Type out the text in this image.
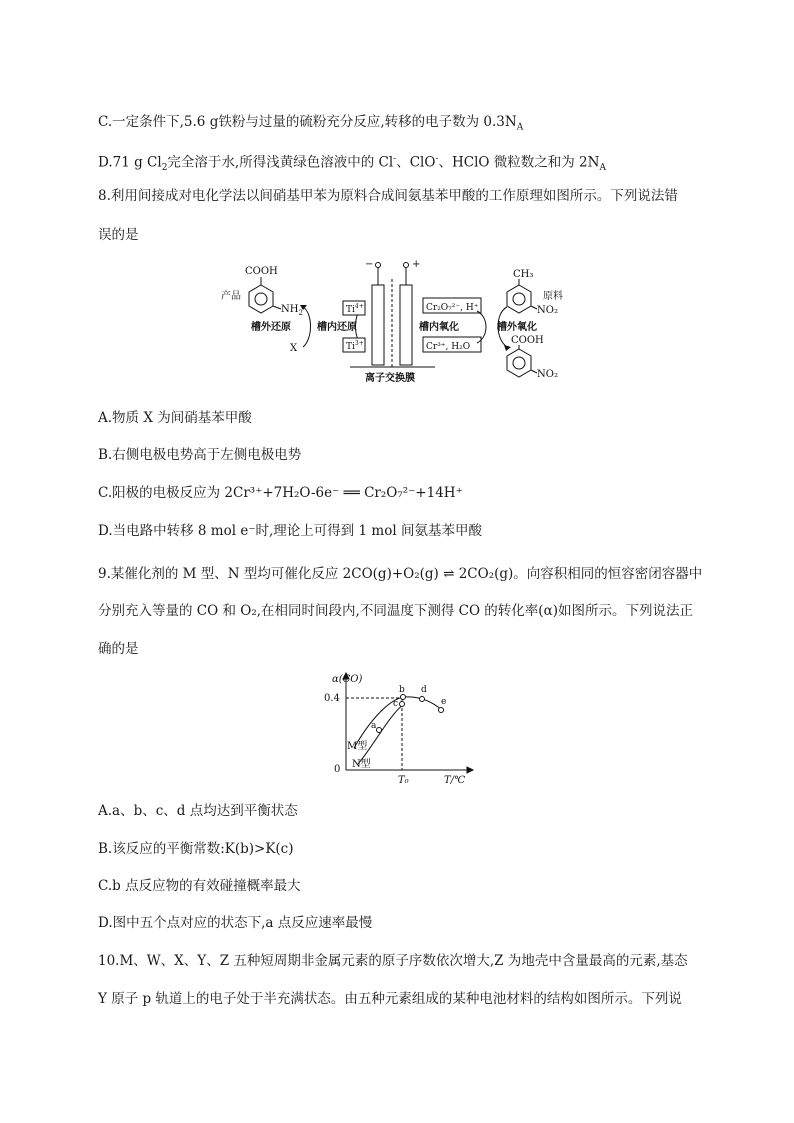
C.一定条件下,5.6 g铁粉与过量的硫粉充分反应,转移的电子数为 $0.3N_A$
D.71 g $Cl_2$完全溶于水,所得浅黄绿色溶液中的 Cl-、ClO-、HClO 微粒数之和为 $2N_A$
8.利用间接成对电化学法以间硝基甲苯为原料合成间氨基苯甲酸的工作原理如图所示。下列说法错
误的是
COOH
$NH_2$
产品
槽外还原
X
槽内还原
$Ti^{4+}$
$Ti^{3+}$
−	+
离子交换膜
Cr₂O₇²⁻, H⁺
Cr³⁺, H₂O
槽内氧化	槽外氧化
CH₃
NO₂
原料
COOH
NO₂
A.物质 X 为间硝基苯甲酸
B.右侧电极电势高于左侧电极电势
C.阳极的电极反应为 2Cr³⁺+7H₂O-6e⁻ ══ Cr₂O₇²⁻+14H⁺
D.当电路中转移 8 mol e⁻时,理论上可得到 1 mol 间氨基苯甲酸
9.某催化剂的 M 型、N 型均可催化反应 2CO(g)+O₂(g) ⇌ 2CO₂(g)。向容积相同的恒容密闭容器中
分别充入等量的 CO 和 O₂,在相同时间段内,不同温度下测得 CO 的转化率(α)如图所示。下列说法正
确的是
α(CO)
T/℃
0.4
0
T₀
a
b
c
d
e
M型
N型
A.a、b、c、d 点均达到平衡状态
B.该反应的平衡常数:K(b)>K(c)
C.b 点反应物的有效碰撞概率最大
D.图中五个点对应的状态下,a 点反应速率最慢
10.M、W、X、Y、Z 五种短周期非金属元素的原子序数依次增大,Z 为地壳中含量最高的元素,基态
Y 原子 p 轨道上的电子处于半充满状态。由五种元素组成的某种电池材料的结构如图所示。下列说
